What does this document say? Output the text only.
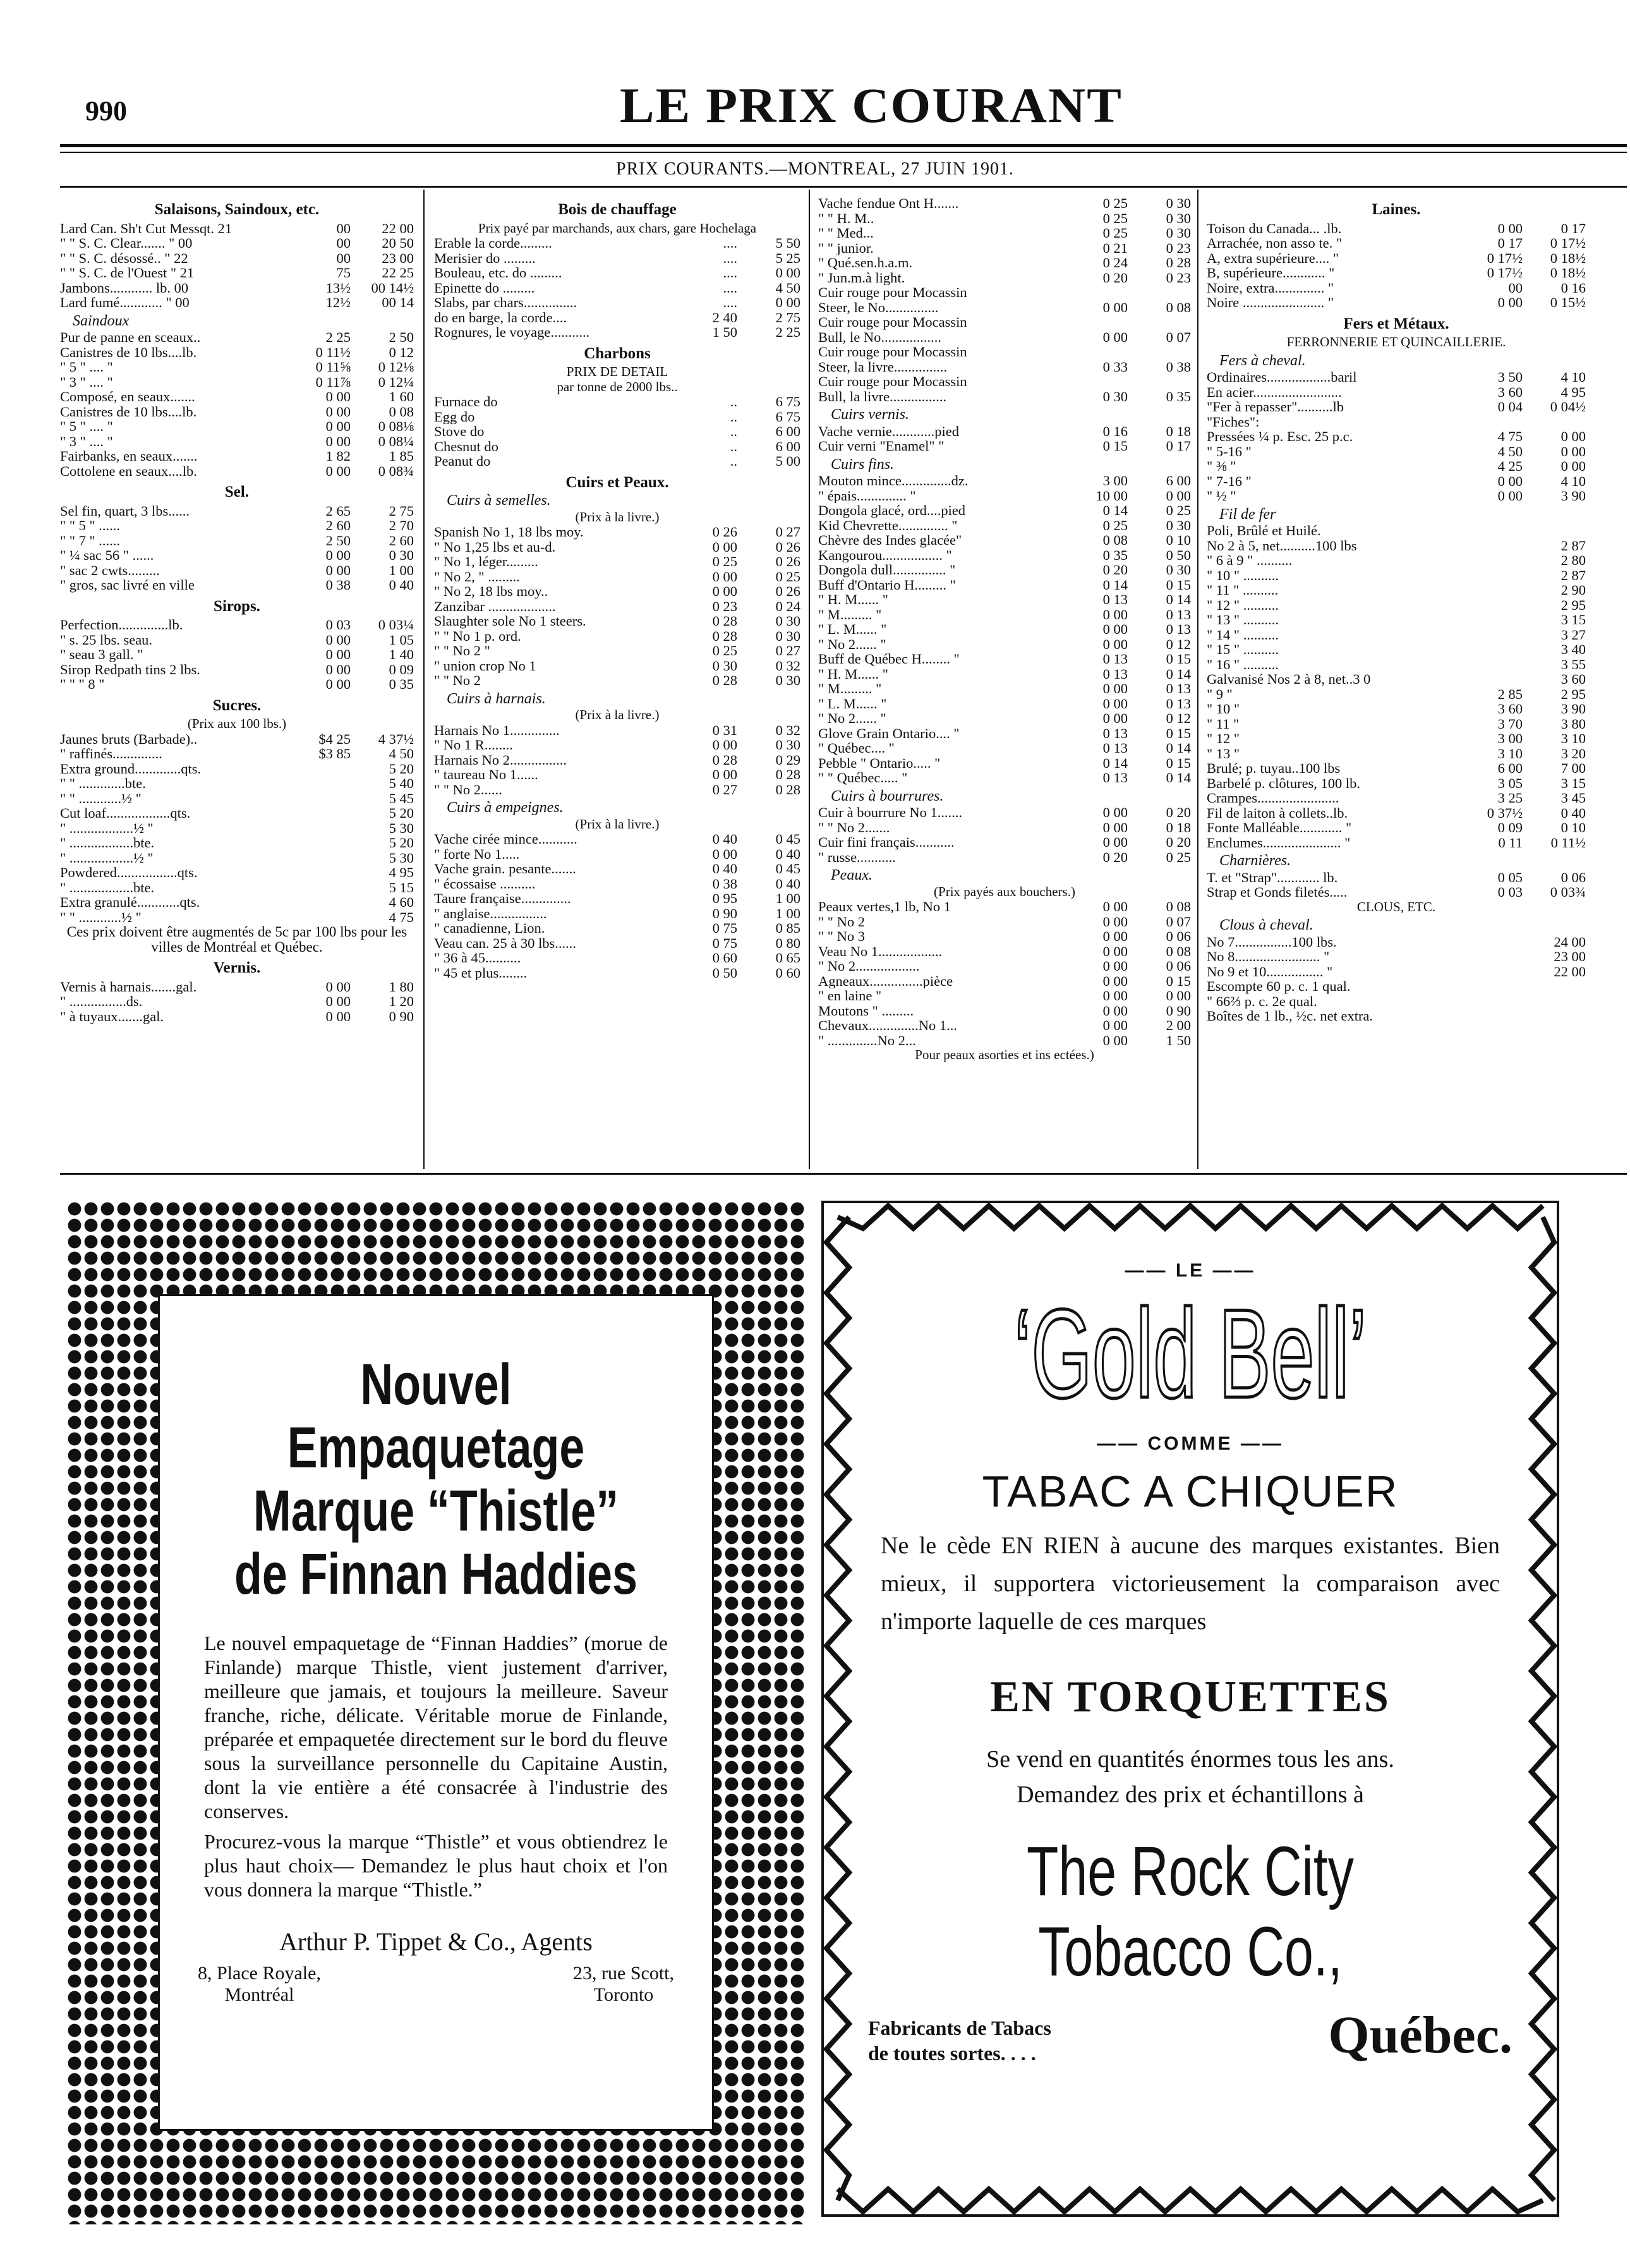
990	LE PRIX COURANT
PRIX COURANTS.—MONTREAL, 27 JUIN 1901.
Salaisons, Saindoux, etc.
Lard Can. Sh't Cut Messqt. 21	00	22 00
" " S. C. Clear....... " 00	00	20 50
" " S. C. désossé.. " 22	00	23 00
" " S. C. de l'Ouest " 21	75	22 25
Jambons............ lb. 00	13½	00 14½
Lard fumé............ " 00	12½	00 14
Saindoux
Pur de panne en sceaux..	2 25	2 50
Canistres de 10 lbs....lb.	0 11½	0 12
" 5 " .... "	0 11⅝	0 12⅛
" 3 " .... "	0 11⅞	0 12¼
Composé, en seaux.......	0 00	1 60
Canistres de 10 lbs....lb.	0 00	0 08
" 5 " .... "	0 00	0 08⅛
" 3 " .... "	0 00	0 08¼
Fairbanks, en seaux.......	1 82	1 85
Cottolene en seaux....lb.	0 00	0 08¾
Sel.
Sel fin, quart, 3 lbs......	2 65	2 75
" " 5 " ......	2 60	2 70
" " 7 " ......	2 50	2 60
" ¼ sac 56 " ......	0 00	0 30
" sac 2 cwts.........	0 00	1 00
" gros, sac livré en ville	0 38	0 40
Sirops.
Perfection..............lb.	0 03	0 03¼
" s. 25 lbs. seau.	0 00	1 05
" seau 3 gall. "	0 00	1 40
Sirop Redpath tins 2 lbs.	0 00	0 09
" " " 8 "	0 00	0 35
Sucres.
(Prix aux 100 lbs.)
Jaunes bruts (Barbade)..	$4 25	4 37½
" raffinés..............	$3 85	4 50
Extra ground.............qts.	5 20
" " .............bte.	5 40
" " ............½ "	5 45
Cut loaf..................qts.	5 20
" ..................½ "	5 30
" ..................bte.	5 20
" ..................½ "	5 30
Powdered.................qts.	4 95
" ..................bte.	5 15
Extra granulé............qts.	4 60
" " ............½ "	4 75
Ces prix doivent être augmentés de 5c par 100 lbs pour les villes de Montréal et Québec.
Vernis.
Vernis à harnais.......gal.	0 00	1 80
" ................ds.	0 00	1 20
" à tuyaux.......gal.	0 00	0 90
Bois de chauffage
Prix payé par marchands, aux chars, gare Hochelaga
Erable la corde.........	....	5 50
Merisier do .........	....	5 25
Bouleau, etc. do .........	....	0 00
Epinette do .........	....	4 50
Slabs, par chars...............	....	0 00
do en barge, la corde....	2 40	2 75
Rognures, le voyage...........	1 50	2 25
Charbons
PRIX DE DETAIL
par tonne de 2000 lbs..
Furnace do	..	6 75
Egg do	..	6 75
Stove do	..	6 00
Chesnut do	..	6 00
Peanut do	..	5 00
Cuirs et Peaux.
Cuirs à semelles.
(Prix à la livre.)
Spanish No 1, 18 lbs moy.	0 26	0 27
" No 1,25 lbs et au-d.	0 00	0 26
" No 1, léger.........	0 25	0 26
" No 2, " .........	0 00	0 25
" No 2, 18 lbs moy..	0 00	0 26
Zanzibar ...................	0 23	0 24
Slaughter sole No 1 steers.	0 28	0 30
" " No 1 p. ord.	0 28	0 30
" " No 2 "	0 25	0 27
" union crop No 1	0 30	0 32
" " No 2	0 28	0 30
Cuirs à harnais.
(Prix à la livre.)
Harnais No 1..............	0 31	0 32
" No 1 R........	0 00	0 30
Harnais No 2................	0 28	0 29
" taureau No 1......	0 00	0 28
" " No 2......	0 27	0 28
Cuirs à empeignes.
(Prix à la livre.)
Vache cirée mince...........	0 40	0 45
" forte No 1.....	0 00	0 40
Vache grain. pesante.......	0 40	0 45
" écossaise ..........	0 38	0 40
Taure française..............	0 95	1 00
" anglaise................	0 90	1 00
" canadienne, Lion.	0 75	0 85
Veau can. 25 à 30 lbs......	0 75	0 80
" 36 à 45..........	0 60	0 65
" 45 et plus........	0 50	0 60
Vache fendue Ont H.......	0 25	0 30
" " H. M..	0 25	0 30
" " Med...	0 25	0 30
" " junior.	0 21	0 23
" Qué.sen.h.a.m.	0 24	0 28
" Jun.m.à light.	0 20	0 23
Cuir rouge pour Mocassin
Steer, le No...............	0 00	0 08
Cuir rouge pour Mocassin
Bull, le No.................	0 00	0 07
Cuir rouge pour Mocassin
Steer, la livre...............	0 33	0 38
Cuir rouge pour Mocassin
Bull, la livre................	0 30	0 35
Cuirs vernis.
Vache vernie............pied	0 16	0 18
Cuir verni "Enamel" "	0 15	0 17
Cuirs fins.
Mouton mince..............dz.	3 00	6 00
" épais.............. "	10 00	0 00
Dongola glacé, ord....pied	0 14	0 25
Kid Chevrette.............. "	0 25	0 30
Chèvre des Indes glacée"	0 08	0 10
Kangourou................. "	0 35	0 50
Dongola dull............... "	0 20	0 30
Buff d'Ontario H......... "	0 14	0 15
" H. M...... "	0 13	0 14
" M......... "	0 00	0 13
" L. M...... "	0 00	0 13
" No 2...... "	0 00	0 12
Buff de Québec H........ "	0 13	0 15
" H. M...... "	0 13	0 14
" M......... "	0 00	0 13
" L. M...... "	0 00	0 13
" No 2...... "	0 00	0 12
Glove Grain Ontario.... "	0 13	0 15
" Québec.... "	0 13	0 14
Pebble " Ontario..... "	0 14	0 15
" " Québec..... "	0 13	0 14
Cuirs à bourrures.
Cuir à bourrure No 1.......	0 00	0 20
" " No 2.......	0 00	0 18
Cuir fini français...........	0 00	0 20
" russe...........	0 20	0 25
Peaux.
(Prix payés aux bouchers.)
Peaux vertes,1 lb, No 1	0 00	0 08
" " No 2	0 00	0 07
" " No 3	0 00	0 06
Veau No 1..................	0 00	0 08
" No 2..................	0 00	0 06
Agneaux...............pièce	0 00	0 15
" en laine "	0 00	0 00
Moutons " .........	0 00	0 90
Chevaux..............No 1...	0 00	2 00
" ..............No 2...	0 00	1 50
Pour peaux asorties et ins ectées.)
Laines.
Toison du Canada... .lb.	0 00	0 17
Arrachée, non asso te. "	0 17	0 17½
A, extra supérieure.... "	0 17½	0 18½
B, supérieure............ "	0 17½	0 18½
Noire, extra.............. "	00	0 16
Noire ....................... "	0 00	0 15½
Fers et Métaux.
FERRONNERIE ET QUINCAILLERIE.
Fers à cheval.
Ordinaires..................baril	3 50	4 10
En acier.........................	3 60	4 95
"Fer à repasser"..........lb	0 04	0 04½
"Fiches":
Pressées ¼ p. Esc. 25 p.c.	4 75	0 00
" 5-16 "	4 50	0 00
" ⅜ "	4 25	0 00
" 7-16 "	0 00	4 10
" ½ "	0 00	3 90
Fil de fer
Poli, Brûlé et Huilé.
No 2 à 5, net..........100 lbs	2 87
" 6 à 9 " ..........	2 80
" 10 " ..........	2 87
" 11 " ..........	2 90
" 12 " ..........	2 95
" 13 " ..........	3 15
" 14 " ..........	3 27
" 15 " ..........	3 40
" 16 " ..........	3 55
Galvanisé Nos 2 à 8, net..3 0	3 60
" 9 "	2 85	2 95
" 10 "	3 60	3 90
" 11 "	3 70	3 80
" 12 "	3 00	3 10
" 13 "	3 10	3 20
Brulé; p. tuyau..100 lbs	6 00	7 00
Barbelé p. clôtures, 100 lb.	3 05	3 15
Crampes.......................	3 25	3 45
Fil de laiton à collets..lb.	0 37½	0 40
Fonte Malléable............ "	0 09	0 10
Enclumes...................... "	0 11	0 11½
Charnières.
T. et "Strap"............ lb.	0 05	0 06
Strap et Gonds filetés.....	0 03	0 03¾
CLOUS, ETC.
Clous à cheval.
No 7................100 lbs.	24 00
No 8........................ "	23 00
No 9 et 10................ "	22 00
Escompte 60 p. c. 1 qual.
" 66⅔ p. c. 2e qual.
Boîtes de 1 lb., ½c. net extra.
Nouvel
Empaquetage
Marque “Thistle”
de Finnan Haddies
Le nouvel empaquetage de “Finnan Haddies” (morue de Finlande) marque Thistle, vient justement d'arriver, meilleure que jamais, et toujours la meilleure. Saveur franche, riche, délicate. Véritable morue de Finlande, préparée et empaquetée directement sur le bord du fleuve sous la surveillance personnelle du Capitaine Austin, dont la vie entière a été consacrée à l'industrie des conserves.
Procurez-vous la marque “Thistle” et vous obtiendrez le plus haut choix— Demandez le plus haut choix et l'on vous donnera la marque “Thistle.”
Arthur P. Tippet & Co., Agents
8, Place Royale,
Montréal
23, rue Scott,
Toronto
—— LE ——
‘Gold Bell’
—— COMME ——
TABAC A CHIQUER
Ne le cède EN RIEN à aucune des marques existantes. Bien mieux, il supportera victorieusement la comparaison avec n'importe laquelle de ces marques
EN TORQUETTES
Se vend en quantités énormes tous les ans.
Demandez des prix et échantillons à
The Rock City Tobacco Co.,
Fabricants de Tabacs
de toutes sortes. . . .	Québec.
